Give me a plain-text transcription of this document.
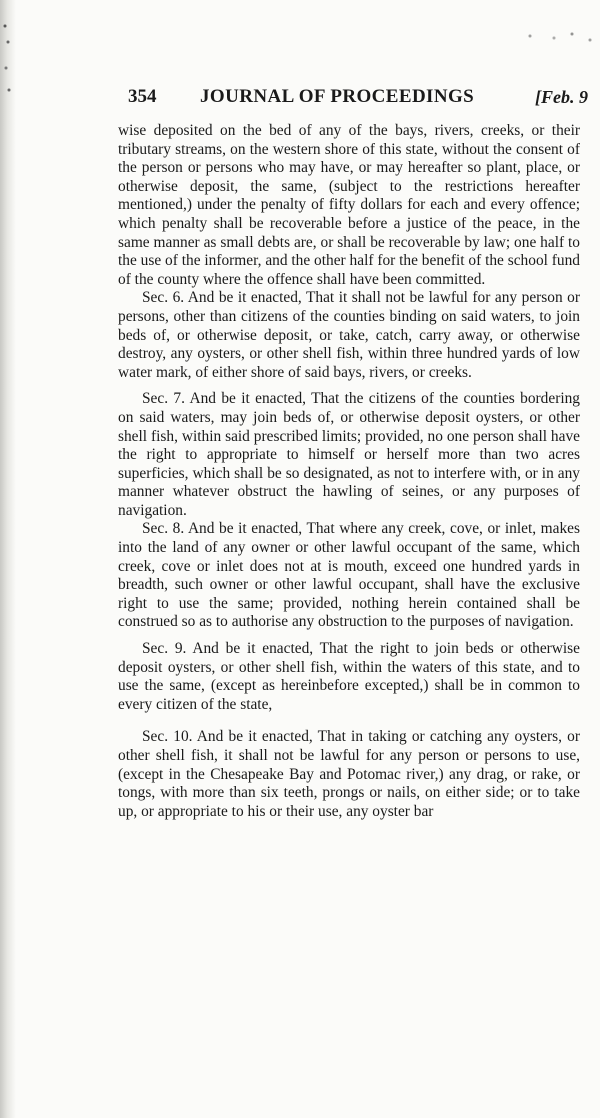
354 JOURNAL OF PROCEEDINGS	[Feb. 9

wise deposited on the bed of any of the bays, rivers, creeks, or their tributary streams, on the western shore of this state, without the consent of the person or persons who may have, or may hereafter so plant, place, or otherwise deposit, the same, (subject to the restrictions hereafter mentioned,) under the penalty of fifty dollars for each and every offence; which penalty shall be recoverable before a justice of the peace, in the same manner as small debts are, or shall be recoverable by law; one half to the use of the informer, and the other half for the benefit of the school fund of the county where the offence shall have been committed.

Sec. 6. And be it enacted, That it shall not be lawful for any person or persons, other than citizens of the counties binding on said waters, to join beds of, or otherwise deposit, or take, catch, carry away, or otherwise destroy, any oysters, or other shell fish, within three hundred yards of low water mark, of either shore of said bays, rivers, or creeks.

Sec. 7. And be it enacted, That the citizens of the counties bordering on said waters, may join beds of, or otherwise deposit oysters, or other shell fish, within said prescribed limits; provided, no one person shall have the right to appropriate to himself or herself more than two acres superficies, which shall be so designated, as not to interfere with, or in any manner whatever obstruct the hawling of seines, or any purposes of navigation.

Sec. 8. And be it enacted, That where any creek, cove, or inlet, makes into the land of any owner or other lawful occupant of the same, which creek, cove or inlet does not at is mouth, exceed one hundred yards in breadth, such owner or other lawful occupant, shall have the exclusive right to use the same; provided, nothing herein contained shall be construed so as to authorise any obstruction to the purposes of navigation.

Sec. 9. And be it enacted, That the right to join beds or otherwise deposit oysters, or other shell fish, within the waters of this state, and to use the same, (except as hereinbefore excepted,) shall be in common to every citizen of the state,

Sec. 10. And be it enacted, That in taking or catching any oysters, or other shell fish, it shall not be lawful for any person or persons to use, (except in the Chesapeake Bay and Potomac river,) any drag, or rake, or tongs, with more than six teeth, prongs or nails, on either side; or to take up, or appropriate to his or their use, any oyster bar
